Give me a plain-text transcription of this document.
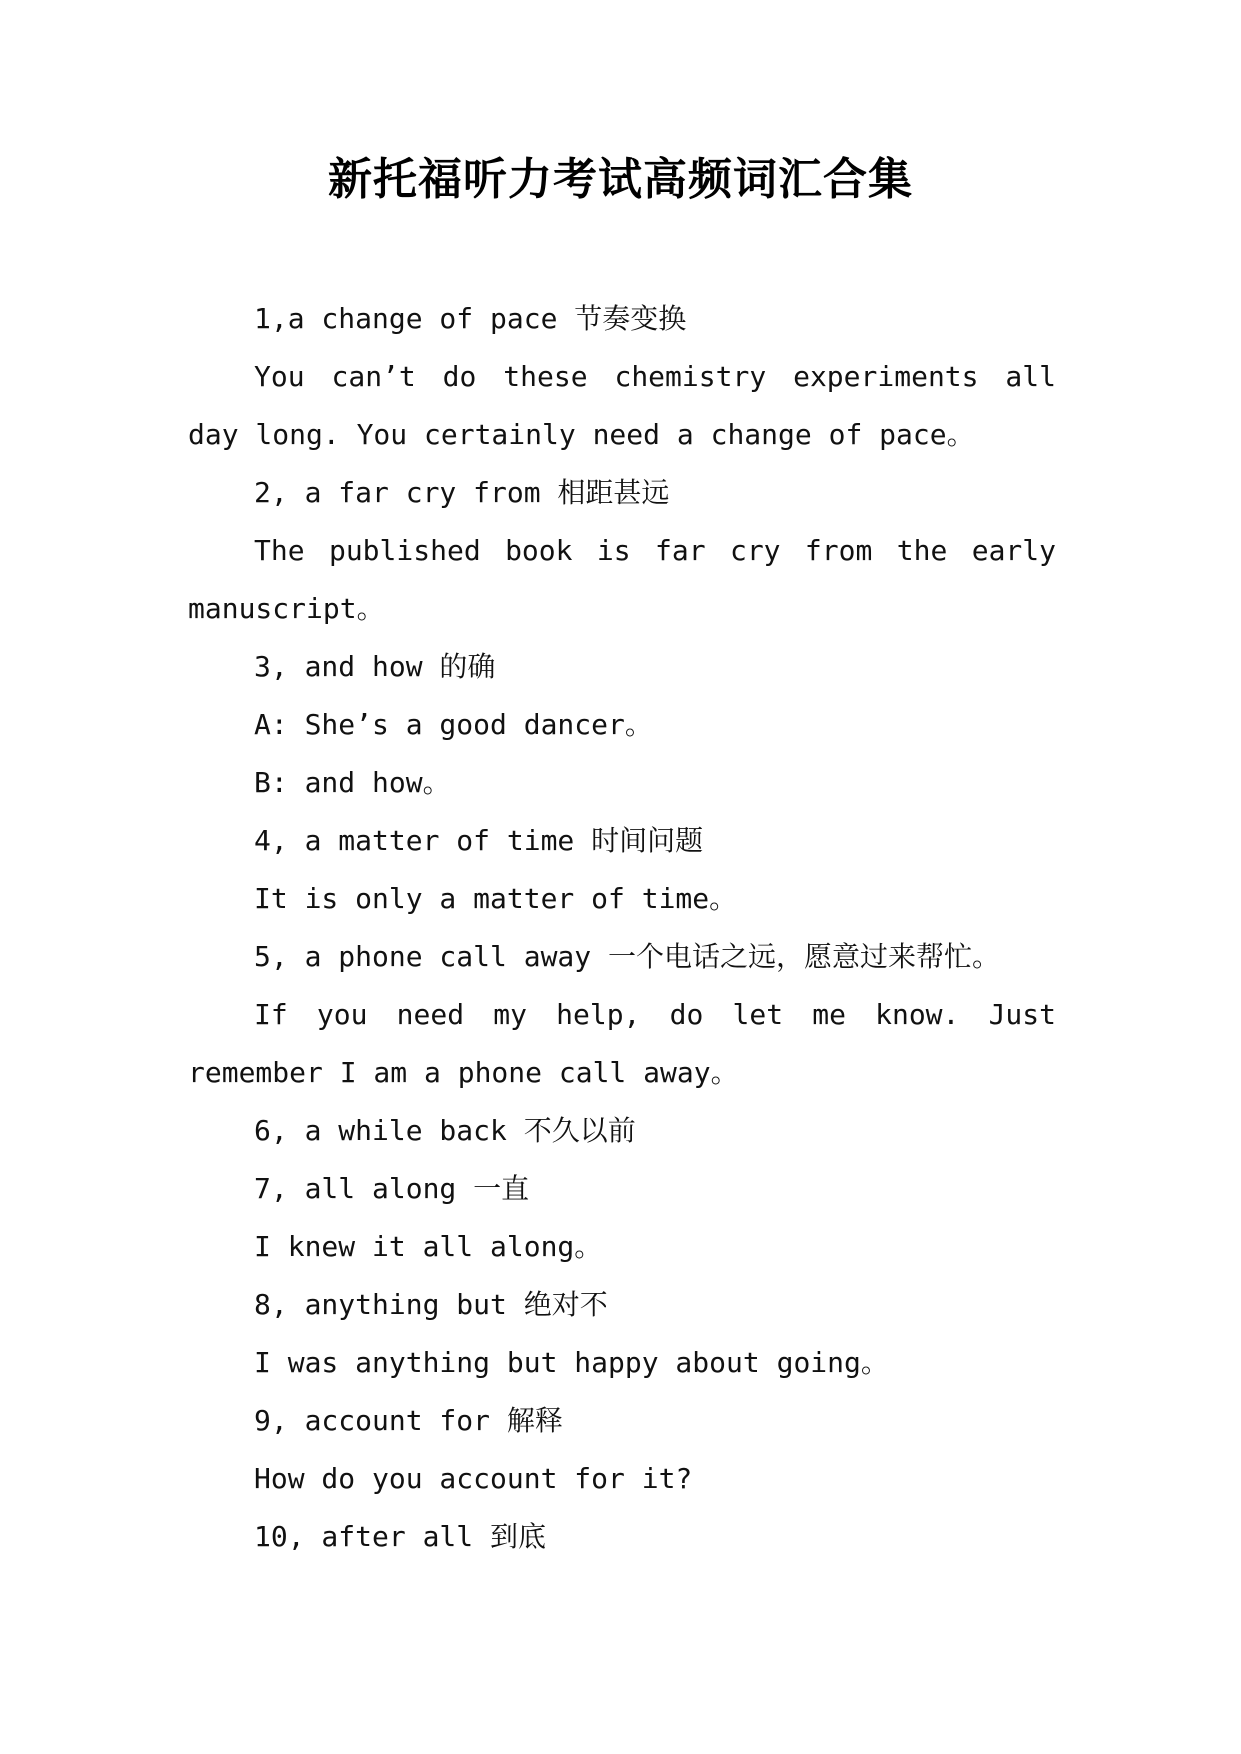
新托福听力考试高频词汇合集

1,a change of pace 节奏变换

You can’t do these chemistry experiments all day long. You certainly need a change of pace。

2, a far cry from 相距甚远

The published book is far cry from the early manuscript。

3, and how 的确

A: She’s a good dancer。

B: and how。

4, a matter of time 时间问题

It is only a matter of time。

5, a phone call away 一个电话之远，愿意过来帮忙。

If you need my help, do let me know. Just remember I am a phone call away。

6, a while back 不久以前

7, all along 一直

I knew it all along。

8, anything but 绝对不

I was anything but happy about going。

9, account for 解释

How do you account for it?

10, after all 到底
